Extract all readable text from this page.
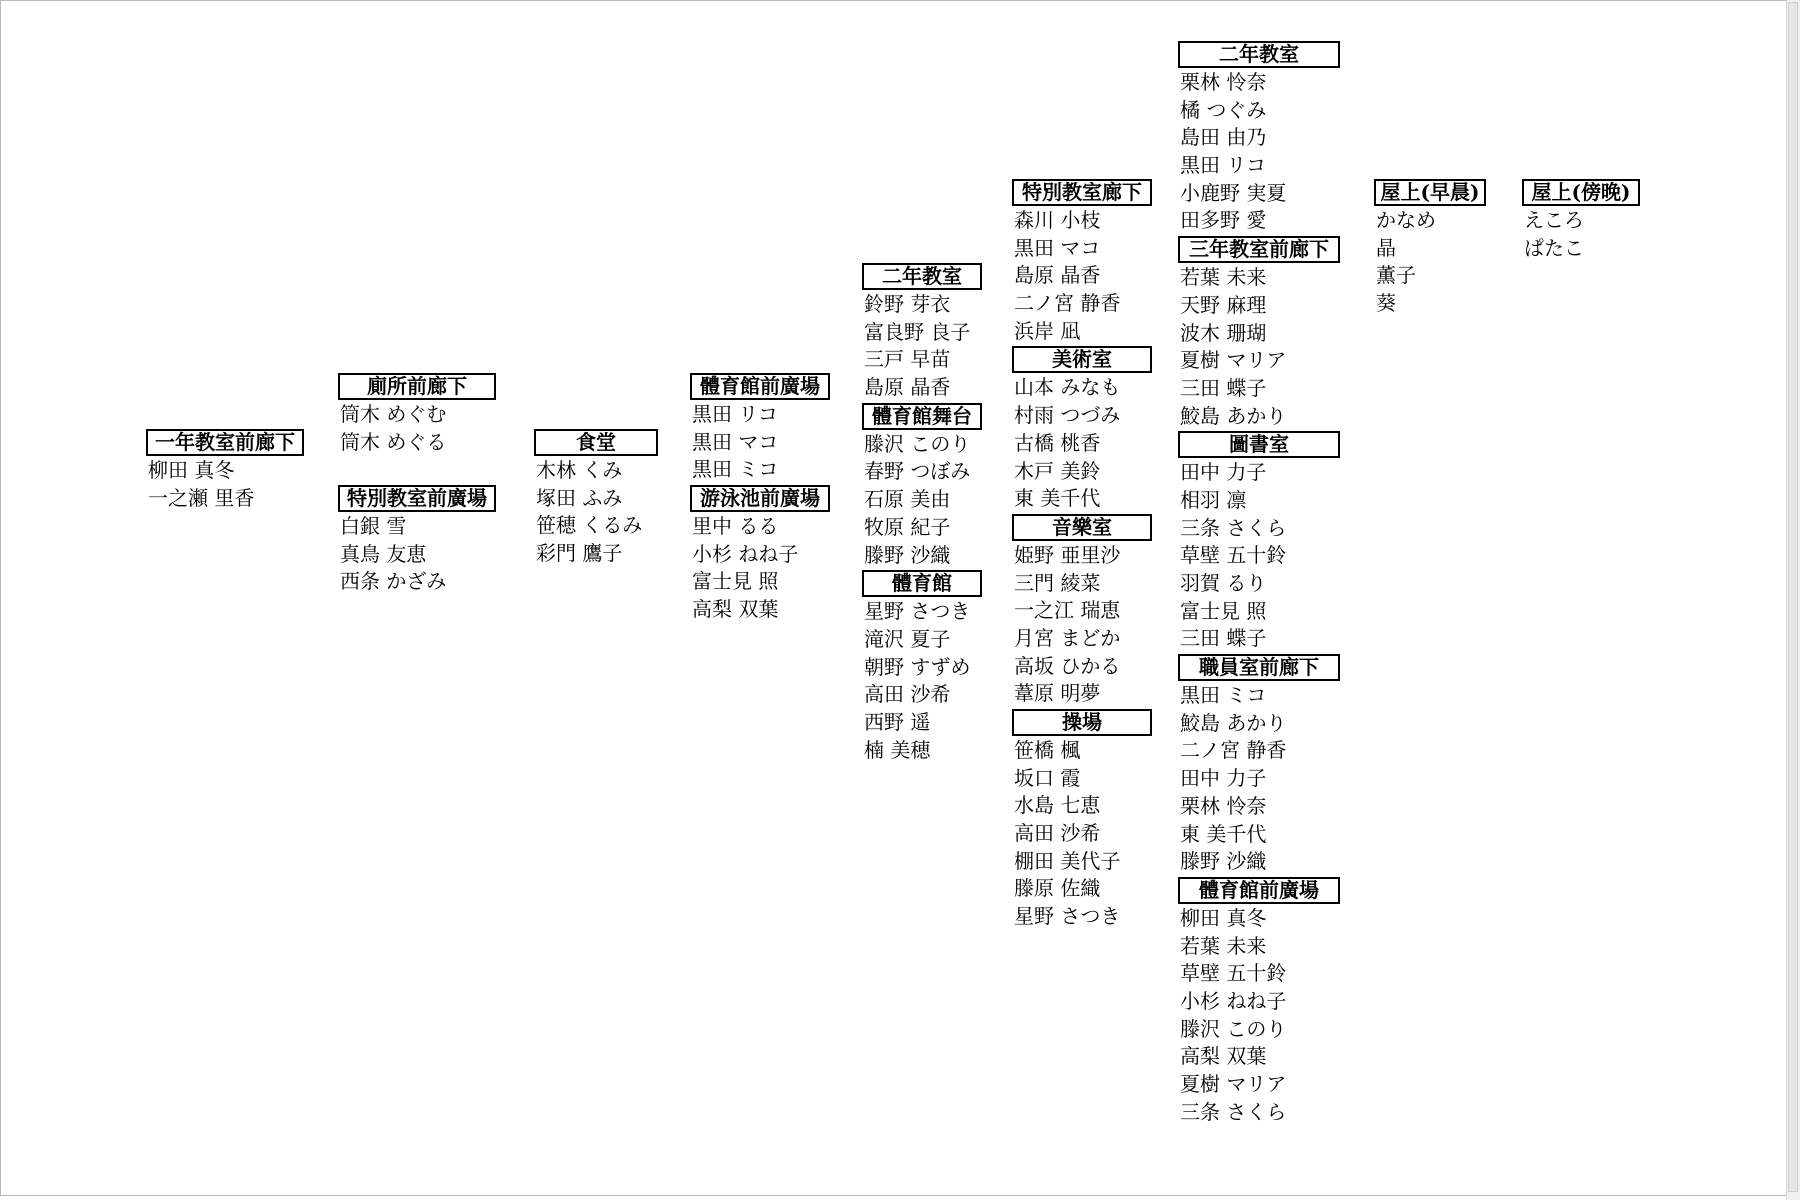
一年教室前廊下
柳田 真冬
一之瀬 里香
廁所前廊下
筒木 めぐむ
筒木 めぐる
特別教室前廣場
白銀 雪
真鳥 友恵
西条 かざみ
食堂
木林 くみ
塚田 ふみ
笹穂 くるみ
彩門 鷹子
體育館前廣場
黒田 リコ
黒田 マコ
黒田 ミコ
游泳池前廣場
里中 るる
小杉 ねね子
富士見 照
高梨 双葉
二年教室
鈴野 芽衣
富良野 良子
三戸 早苗
島原 晶香
體育館舞台
滕沢 このり
春野 つぼみ
石原 美由
牧原 紀子
滕野 沙織
體育館
星野 さつき
滝沢 夏子
朝野 すずめ
高田 沙希
西野 遥
楠 美穂
特別教室廊下
森川 小枝
黒田 マコ
島原 晶香
二ノ宮 静香
浜岸 凪
美術室
山本 みなも
村雨 つづみ
古橋 桃香
木戸 美鈴
東 美千代
音樂室
姫野 亜里沙
三門 綾菜
一之江 瑞恵
月宮 まどか
高坂 ひかる
葦原 明夢
操場
笹橋 楓
坂口 霞
水島 七恵
高田 沙希
棚田 美代子
滕原 佐織
星野 さつき
二年教室
栗林 怜奈
橘 つぐみ
島田 由乃
黒田 リコ
小鹿野 実夏
田多野 愛
三年教室前廊下
若葉 未来
天野 麻理
波木 珊瑚
夏樹 マリア
三田 蝶子
鮫島 あかり
圖書室
田中 力子
相羽 凛
三条 さくら
草壁 五十鈴
羽賀 るり
富士見 照
三田 蝶子
職員室前廊下
黒田 ミコ
鮫島 あかり
二ノ宮 静香
田中 力子
栗林 怜奈
東 美千代
滕野 沙織
體育館前廣場
柳田 真冬
若葉 未来
草壁 五十鈴
小杉 ねね子
滕沢 このり
高梨 双葉
夏樹 マリア
三条 さくら
屋上(早晨)
かなめ
晶
薫子
葵
屋上(傍晚)
えころ
ぱたこ
